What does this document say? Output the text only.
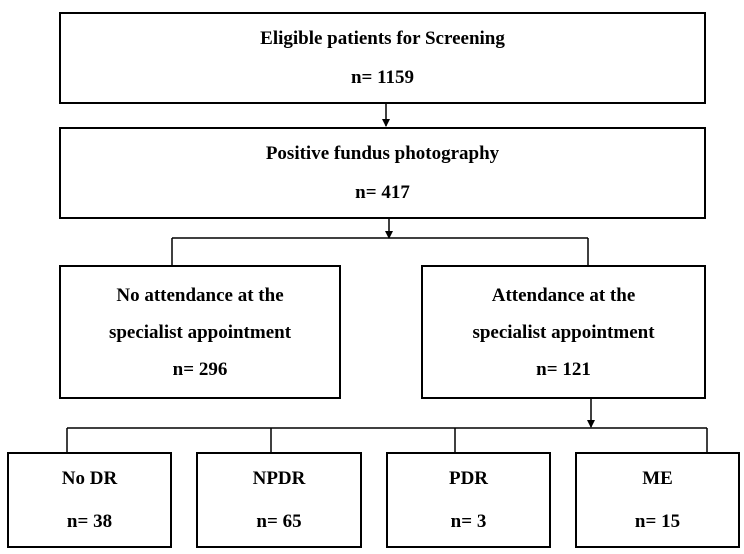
Eligible patients for Screening
n= 1159
Positive fundus photography
n= 417
No attendance at the
specialist appointment
n= 296
Attendance at the
specialist appointment
n= 121
No DR
n= 38
NPDR
n= 65
PDR
n= 3
ME
n= 15
